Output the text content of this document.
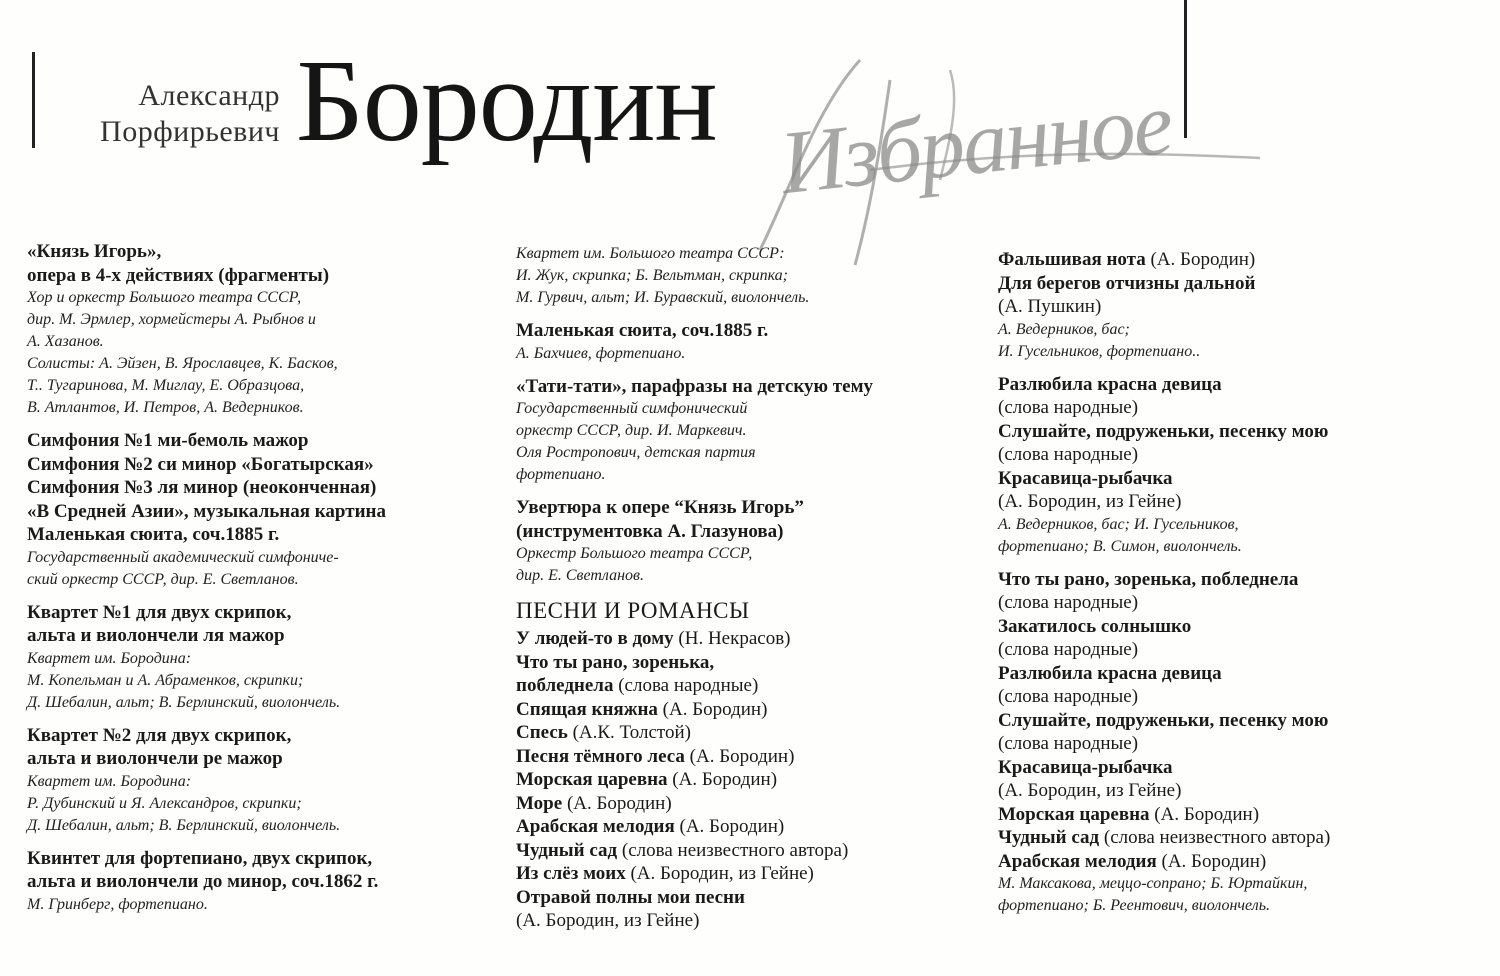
Александр
Порфирьевич Бородин Избранное
«Князь Игорь»,
опера в 4-х действиях (фрагменты)
Хор и оркестр Большого театра СССР,
дир. М. Эрмлер, хормейстеры А. Рыбнов и
А. Хазанов.
Солисты: А. Эйзен, В. Ярославцев, К. Басков,
Т.. Тугаринова, М. Миглау, Е. Образцова,
В. Атлантов, И. Петров, А. Ведерников.
Симфония №1 ми-бемоль мажор
Симфония №2 си минор «Богатырская»
Симфония №3 ля минор (неоконченная)
«В Средней Азии», музыкальная картина
Маленькая сюита, соч.1885 г.
Государственный академический симфониче-
ский оркестр СССР, дир. Е. Светланов.
Квартет №1 для двух скрипок,
альта и виолончели ля мажор
Квартет им. Бородина:
М. Копельман и А. Абраменков, скрипки;
Д. Шебалин, альт; В. Берлинский, виолончель.
Квартет №2 для двух скрипок,
альта и виолончели ре мажор
Квартет им. Бородина:
Р. Дубинский и Я. Александров, скрипки;
Д. Шебалин, альт; В. Берлинский, виолончель.
Квинтет для фортепиано, двух скрипок,
альта и виолончели до минор, соч.1862 г.
М. Гринберг, фортепиано.
Квартет им. Большого театра СССР:
И. Жук, скрипка; Б. Вельтман, скрипка;
М. Гурвич, альт; И. Буравский, виолончель.
Маленькая сюита, соч.1885 г.
А. Бахчиев, фортепиано.
«Тати-тати», парафразы на детскую тему
Государственный симфонический
оркестр СССР, дир. И. Маркевич.
Оля Ростропович, детская партия
фортепиано.
Увертюра к опере “Князь Игорь”
(инструментовка А. Глазунова)
Оркестр Большого театра СССР,
дир. Е. Светланов.
ПЕСНИ И РОМАНСЫ
У людей-то в дому (Н. Некрасов)
Что ты рано, зоренька,
побледнела (слова народные)
Спящая княжна (А. Бородин)
Спесь (А.К. Толстой)
Песня тёмного леса (А. Бородин)
Морская царевна (А. Бородин)
Море (А. Бородин)
Арабская мелодия (А. Бородин)
Чудный сад (слова неизвестного автора)
Из слёз моих (А. Бородин, из Гейне)
Отравой полны мои песни
(А. Бородин, из Гейне)
Фальшивая нота (А. Бородин)
Для берегов отчизны дальной
(А. Пушкин)
А. Ведерников, бас;
И. Гусельников, фортепиано..
Разлюбила красна девица
(слова народные)
Слушайте, подруженьки, песенку мою
(слова народные)
Красавица-рыбачка
(А. Бородин, из Гейне)
А. Ведерников, бас; И. Гусельников,
фортепиано; В. Симон, виолончель.
Что ты рано, зоренька, побледнела
(слова народные)
Закатилось солнышко
(слова народные)
Разлюбила красна девица
(слова народные)
Слушайте, подруженьки, песенку мою
(слова народные)
Красавица-рыбачка
(А. Бородин, из Гейне)
Морская царевна (А. Бородин)
Чудный сад (слова неизвестного автора)
Арабская мелодия (А. Бородин)
М. Максакова, меццо-сопрано; Б. Юртайкин,
фортепиано; Б. Реентович, виолончель.
